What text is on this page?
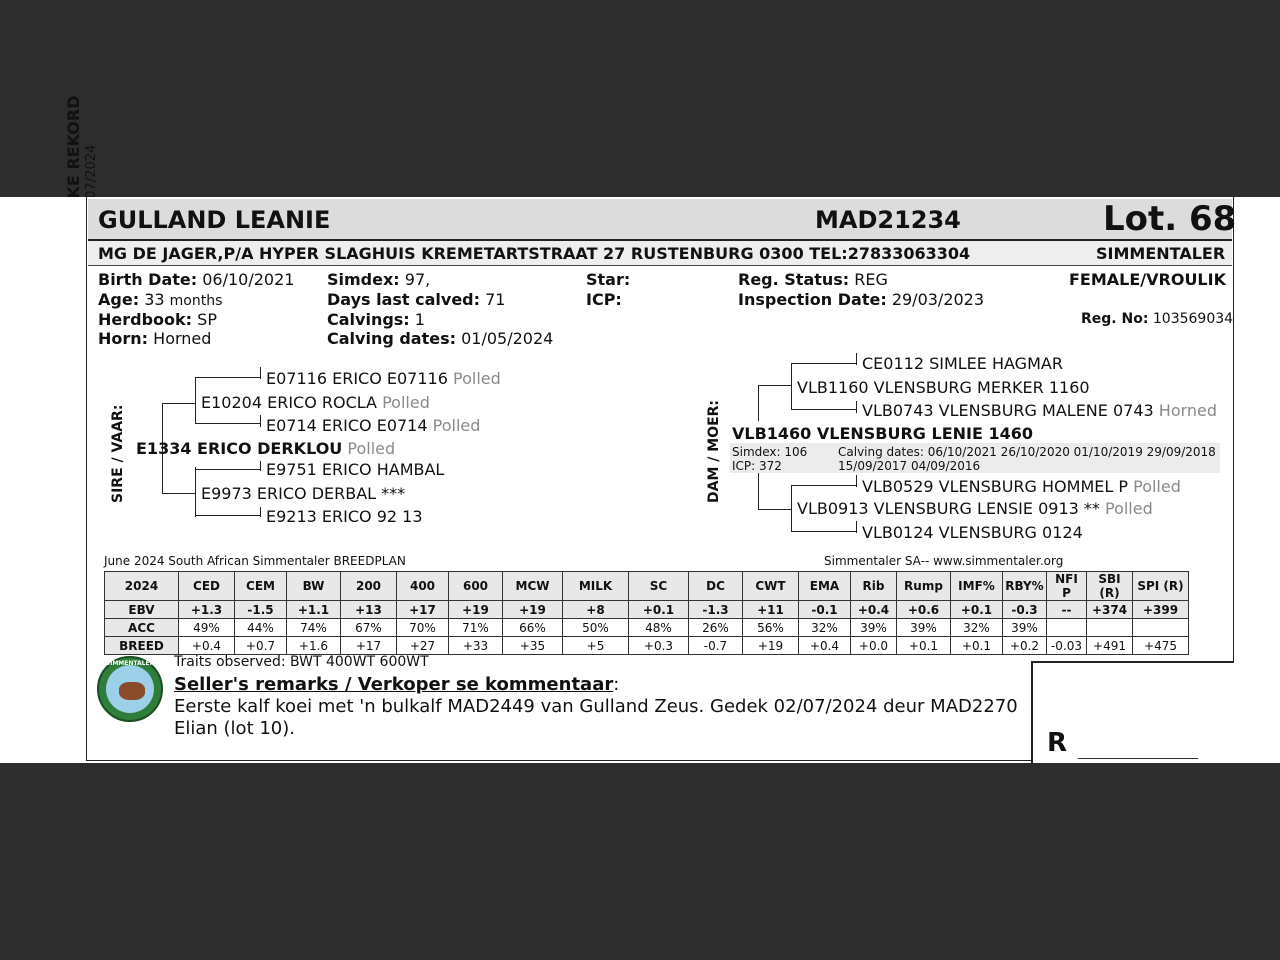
GULLAND LEANIE	MAD21234	Lot. 68
MG DE JAGER,P/A HYPER SLAGHUIS KREMETARTSTRAAT 27 RUSTENBURG 0300 TEL:27833063304	SIMMENTALER
Birth Date: 06/10/2021
Age: 33 months
Herdbook: SP
Horn: Horned
Simdex: 97,
Days last calved: 71
Calvings: 1
Calving dates: 01/05/2024
Star:
ICP:
Reg. Status: REG
Inspection Date: 29/03/2023
FEMALE/VROULIK
Reg. No: 103569034
SIRE / VAAR:
E07116 ERICO E07116 Polled
E10204 ERICO ROCLA Polled
E0714 ERICO E0714 Polled
E1334 ERICO DERKLOU Polled
E9751 ERICO HAMBAL
E9973 ERICO DERBAL ***
E9213 ERICO 92 13
DAM / MOER:
CE0112 SIMLEE HAGMAR
VLB1160 VLENSBURG MERKER 1160
VLB0743 VLENSBURG MALENE 0743 Horned
VLB1460 VLENSBURG LENIE 1460
Simdex: 106
ICP: 372
Calving dates: 06/10/2021 26/10/2020 01/10/2019 29/09/2018
15/09/2017 04/09/2016
VLB0529 VLENSBURG HOMMEL P Polled
VLB0913 VLENSBURG LENSIE 0913 ** Polled
VLB0124 VLENSBURG 0124
June 2024 South African Simmentaler BREEDPLAN	Simmentaler SA-- www.simmentaler.org
2024	CED	CEM	BW	200	400	600	MCW	MILK	SC	DC	CWT	EMA	Rib	Rump	IMF%	RBY%	NFI P	SBI (R)	SPI (R)
EBV	+1.3	-1.5	+1.1	+13	+17	+19	+19	+8	+0.1	-1.3	+11	-0.1	+0.4	+0.6	+0.1	-0.3	--	+374	+399
ACC	49%	44%	74%	67%	70%	71%	66%	50%	48%	26%	56%	32%	39%	39%	32%	39%			
BREED	+0.4	+0.7	+1.6	+17	+27	+33	+35	+5	+0.3	-0.7	+19	+0.4	+0.0	+0.1	+0.1	+0.2	-0.03	+491	+475
SIMMENTALER	Traits observed: BWT 400WT 600WT
Seller's remarks / Verkoper se kommentaar:
Eerste kalf koei met 'n bulkalf MAD2449 van Gulland Zeus. Gedek 02/07/2024 deur MAD2270
Elian (lot 10).	R ____________________
